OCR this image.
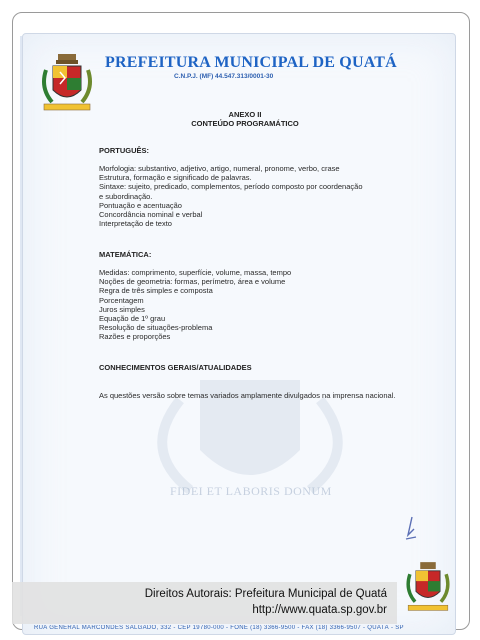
FIDEI ET LABORIS DONUM
PREFEITURA MUNICIPAL DE QUATÁ
C.N.P.J. (MF) 44.547.313/0001-30
ANEXO II
CONTEÚDO PROGRAMÁTICO
PORTUGUÊS:
Morfologia: substantivo, adjetivo, artigo, numeral, pronome, verbo, crase
Estrutura, formação e significado de palavras.
Sintaxe: sujeito, predicado, complementos, período composto por coordenação
e subordinação.
Pontuação e acentuação
Concordância nominal e verbal
Interpretação de texto
MATEMÁTICA:
Medidas: comprimento, superfície, volume, massa, tempo
Noções de geometria: formas, perímetro, área e volume
Regra de três simples e composta
Porcentagem
Juros simples
Equação de 1º grau
Resolução de situações-problema
Razões e proporções
CONHECIMENTOS GERAIS/ATUALIDADES
As questões versão sobre temas variados amplamente divulgados na imprensa nacional.
Direitos Autorais: Prefeitura Municipal de Quatá
http://www.quata.sp.gov.br
RUA GENERAL MARCONDES SALGADO, 332 - CEP 19780-000 - FONE (18) 3366-9500 - FAX (18) 3366-9507 - QUATÁ - SP
